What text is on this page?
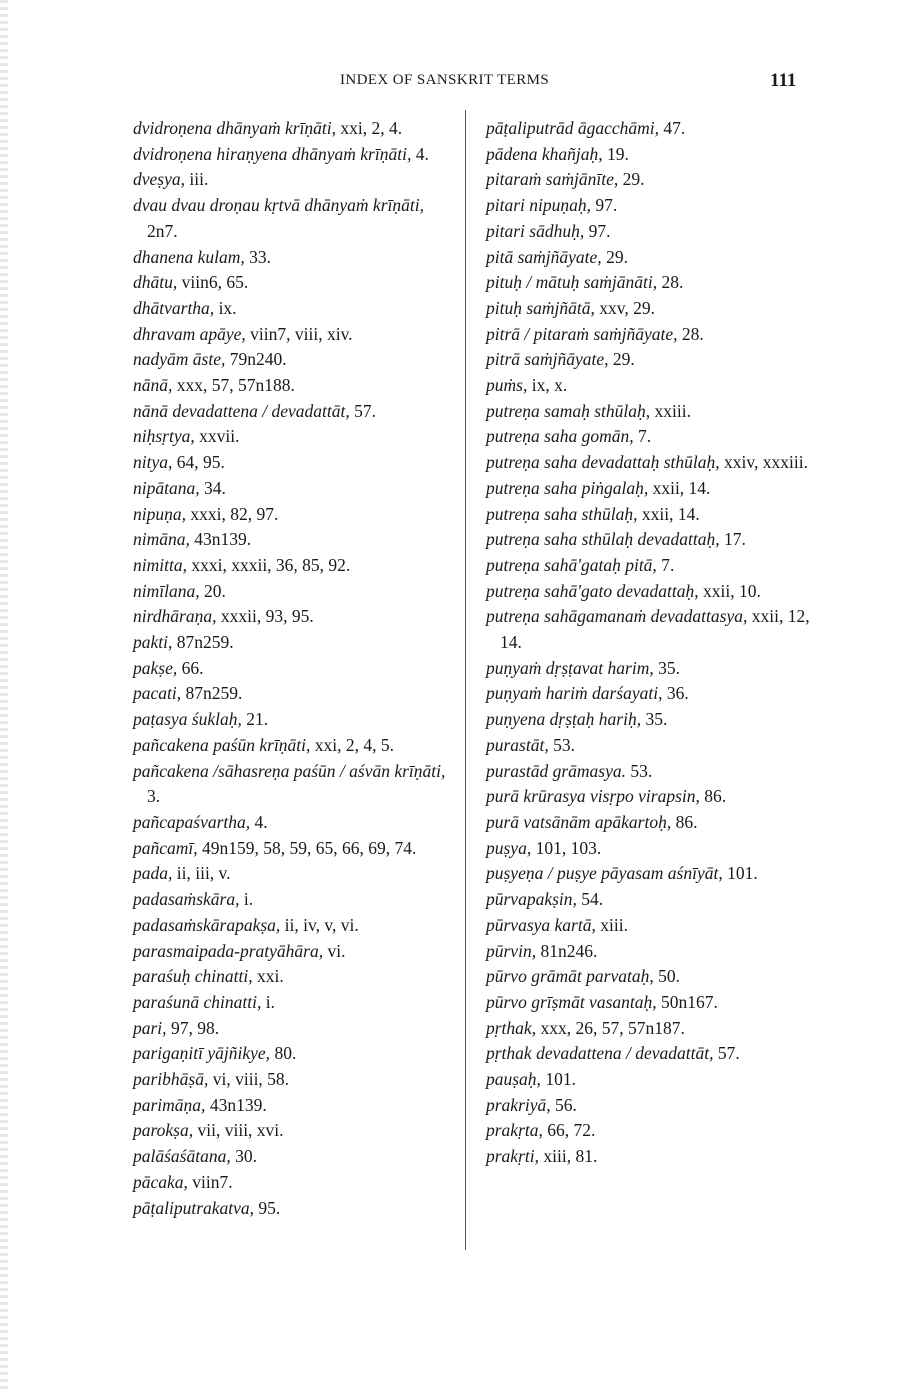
INDEX OF SANSKRIT TERMS	111
dvidroṇena dhānyaṁ krīṇāti, xxi, 2, 4.
dvidroṇena hiraṇyena dhānyaṁ krīṇāti, 4.
dveṣya, iii.
dvau dvau droṇau kṛtvā dhānyaṁ krīṇāti, 2n7.
dhanena kulam, 33.
dhātu, viin6, 65.
dhātvartha, ix.
dhravam apāye, viin7, viii, xiv.
nadyām āste, 79n240.
nānā, xxx, 57, 57n188.
nānā devadattena / devadattāt, 57.
niḥsṛtya, xxvii.
nitya, 64, 95.
nipātana, 34.
nipuṇa, xxxi, 82, 97.
nimāna, 43n139.
nimitta, xxxi, xxxii, 36, 85, 92.
nimīlana, 20.
nirdhāraṇa, xxxii, 93, 95.
pakti, 87n259.
pakṣe, 66.
pacati, 87n259.
paṭasya śuklaḥ, 21.
pañcakena paśūn krīṇāti, xxi, 2, 4, 5.
pañcakena /sāhasreṇa paśūn / aśvān krīṇāti, 3.
pañcapaśvartha, 4.
pañcamī, 49n159, 58, 59, 65, 66, 69, 74.
pada, ii, iii, v.
padasaṁskāra, i.
padasaṁskārapakṣa, ii, iv, v, vi.
parasmaipada-pratyāhāra, vi.
paraśuḥ chinatti, xxi.
paraśunā chinatti, i.
pari, 97, 98.
parigaṇitī yājñikye, 80.
paribhāṣā, vi, viii, 58.
parimāṇa, 43n139.
parokṣa, vii, viii, xvi.
palāśaśātana, 30.
pācaka, viin7.
pāṭaliputrakatva, 95.
pāṭaliputrād āgacchāmi, 47.
pādena khañjaḥ, 19.
pitaraṁ saṁjānīte, 29.
pitari nipuṇaḥ, 97.
pitari sādhuḥ, 97.
pitā saṁjñāyate, 29.
pituḥ / mātuḥ saṁjānāti, 28.
pituḥ saṁjñātā, xxv, 29.
pitrā / pitaraṁ saṁjñāyate, 28.
pitrā saṁjñāyate, 29.
puṁs, ix, x.
putreṇa samaḥ sthūlaḥ, xxiii.
putreṇa saha gomān, 7.
putreṇa saha devadattaḥ sthūlaḥ, xxiv, xxxiii.
putreṇa saha piṅgalaḥ, xxii, 14.
putreṇa saha sthūlaḥ, xxii, 14.
putreṇa saha sthūlaḥ devadattaḥ, 17.
putreṇa sahā'gataḥ pitā, 7.
putreṇa sahā'gato devadattaḥ, xxii, 10.
putreṇa sahāgamanaṁ devadattasya, xxii, 12, 14.
puṇyaṁ dṛṣṭavat harim, 35.
puṇyaṁ hariṁ darśayati, 36.
puṇyena dṛṣṭaḥ hariḥ, 35.
purastāt, 53.
purastād grāmasya. 53.
purā krūrasya visṛpo virapsin, 86.
purā vatsānām apākartoḥ, 86.
puṣya, 101, 103.
puṣyeṇa / puṣye pāyasam aśnīyāt, 101.
pūrvapakṣin, 54.
pūrvasya kartā, xiii.
pūrvin, 81n246.
pūrvo grāmāt parvataḥ, 50.
pūrvo grīṣmāt vasantaḥ, 50n167.
pṛthak, xxx, 26, 57, 57n187.
pṛthak devadattena / devadattāt, 57.
pauṣaḥ, 101.
prakriyā, 56.
prakṛta, 66, 72.
prakṛti, xiii, 81.
